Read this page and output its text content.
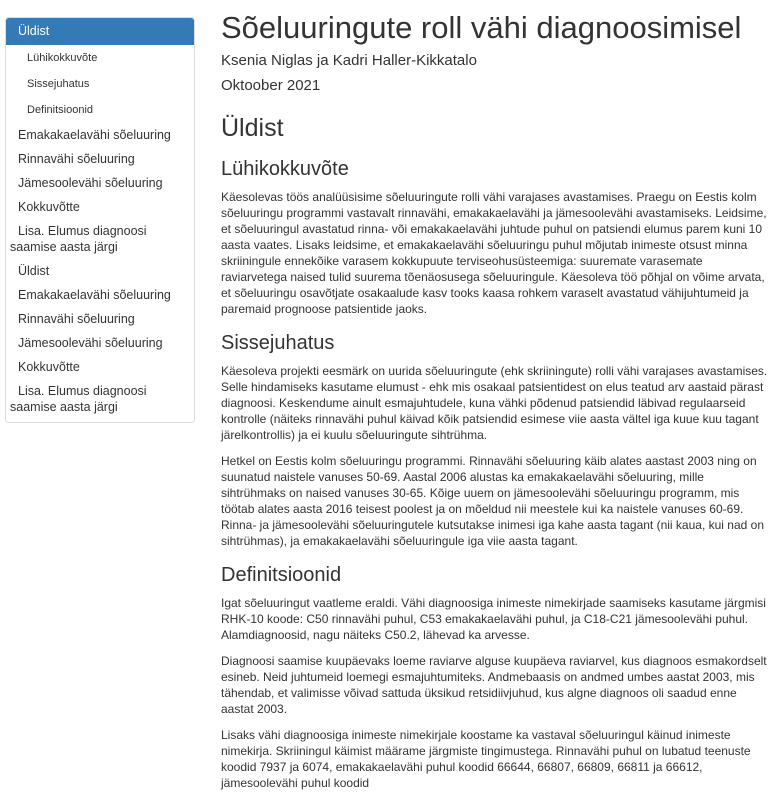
Üldist
Lühikokkuvõte
Sissejuhatus
Definitsioonid
Emakakaelavähi sõeluuring
Rinnavähi sõeluuring
Jämesoolevähi sõeluuring
Kokkuvõtte
Lisa. Elumus diagnoosi saamise aasta järgi
Üldist
Emakakaelavähi sõeluuring
Rinnavähi sõeluuring
Jämesoolevähi sõeluuring
Kokkuvõtte
Lisa. Elumus diagnoosi saamise aasta järgi
Sõeluuringute roll vähi diagnoosimisel

Ksenia Niglas ja Kadri Haller-Kikkatalo

Oktoober 2021

Üldist
Lühikokkuvõte

Käesolevas töös analüüsisime sõeluuringute rolli vähi varajases avastamises. Praegu on Eestis kolm sõeluuringu programmi vastavalt rinnavähi, emakakaelavähi ja jämesoolevähi avastamiseks. Leidsime, et sõeluuringul avastatud rinna- või emakakaelavähi juhtude puhul on patsiendi elumus parem kuni 10 aasta vaates. Lisaks leidsime, et emakakaelavähi sõeluuringu puhul mõjutab inimeste otsust minna skriiningule ennekõike varasem kokkupuute terviseohusüsteemiga: suuremate varasemate raviarvetega naised tulid suurema tõenäosusega sõeluuringule. Käesoleva töö põhjal on võime arvata, et sõeluuringu osavõtjate osakaalude kasv tooks kaasa rohkem varaselt avastatud vähijuhtumeid ja paremaid prognoose patsientide jaoks.

Sissejuhatus

Käesoleva projekti eesmärk on uurida sõeluuringute (ehk skriiningute) rolli vähi varajases avastamises. Selle hindamiseks kasutame elumust - ehk mis osakaal patsientidest on elus teatud arv aastaid pärast diagnoosi. Keskendume ainult esmajuhtudele, kuna vähki põdenud patsiendid läbivad regulaarseid kontrolle (näiteks rinnavähi puhul käivad kõik patsiendid esimese viie aasta vältel iga kuue kuu tagant järelkontrollis) ja ei kuulu sõeluuringute sihtrühma.

Hetkel on Eestis kolm sõeluuringu programmi. Rinnavähi sõeluuring käib alates aastast 2003 ning on suunatud naistele vanuses 50-69. Aastal 2006 alustas ka emakakaelavähi sõeluuring, mille sihtrühmaks on naised vanuses 30-65. Kõige uuem on jämesoolevähi sõeluuringu programm, mis töötab alates aasta 2016 teisest poolest ja on mõeldud nii meestele kui ka naistele vanuses 60-69. Rinna- ja jämesoolevähi sõeluuringutele kutsutakse inimesi iga kahe aasta tagant (nii kaua, kui nad on sihtrühmas), ja emakakaelavähi sõeluuringule iga viie aasta tagant.

Definitsioonid

Igat sõeluuringut vaatleme eraldi. Vähi diagnoosiga inimeste nimekirjade saamiseks kasutame järgmisi RHK-10 koode: C50 rinnavähi puhul, C53 emakakaelavähi puhul, ja C18-C21 jämesoolevähi puhul. Alamdiagnoosid, nagu näiteks C50.2, lähevad ka arvesse.

Diagnoosi saamise kuupäevaks loeme raviarve alguse kuupäeva raviarvel, kus diagnoos esmakordselt esineb. Neid juhtumeid loemegi esmajuhtumiteks. Andmebaasis on andmed umbes aastat 2003, mis tähendab, et valimisse võivad sattuda üksikud retsidiivjuhud, kus algne diagnoos oli saadud enne aastat 2003.

Lisaks vähi diagnoosiga inimeste nimekirjale koostame ka vastaval sõeluuringul käinud inimeste nimekirja. Skriiningul käimist määrame järgmiste tingimustega. Rinnavähi puhul on lubatud teenuste koodid 7937 ja 6074, emakakaelavähi puhul koodid 66644, 66807, 66809, 66811 ja 66612, jämesoolevähi puhul koodid
